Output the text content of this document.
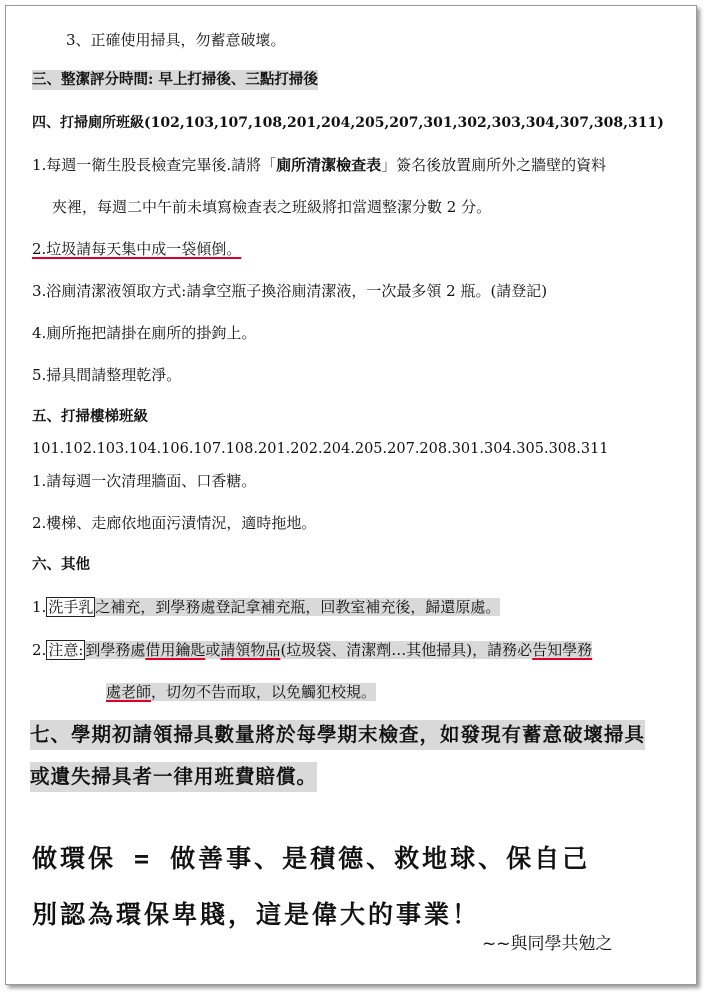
3、正確使用掃具，勿蓄意破壞。
三、整潔評分時間: 早上打掃後、三點打掃後
四、打掃廁所班級(102,103,107,108,201,204,205,207,301,302,303,304,307,308,311)
1.每週一衛生股長檢查完畢後.請將「廁所清潔檢查表」簽名後放置廁所外之牆壁的資料
夾裡，每週二中午前未填寫檢查表之班級將扣當週整潔分數 2 分。
2.垃圾請每天集中成一袋傾倒。
3.浴廁清潔液領取方式:請拿空瓶子換浴廁清潔液，一次最多領 2 瓶。(請登記)
4.廁所拖把請掛在廁所的掛鉤上。
5.掃具間請整理乾淨。
五、打掃樓梯班級
101.102.103.104.106.107.108.201.202.204.205.207.208.301.304.305.308.311
1.請每週一次清理牆面、口香糖。
2.樓梯、走廊依地面污漬情況，適時拖地。
六、其他
1. 洗手乳 之補充，到學務處登記拿補充瓶，回教室補充後，歸還原處。
2. 注意: 到學務處借用鑰匙或請領物品(垃圾袋、清潔劑…其他掃具)，請務必告知學務
處老師，切勿不告而取，以免觸犯校規。
七、學期初請領掃具數量將於每學期末檢查，如發現有蓄意破壞掃具
或遺失掃具者一律用班費賠償。
做環保 = 做善事、是積德、救地球、保自己
別認為環保卑賤，這是偉大的事業！
~~與同學共勉之
